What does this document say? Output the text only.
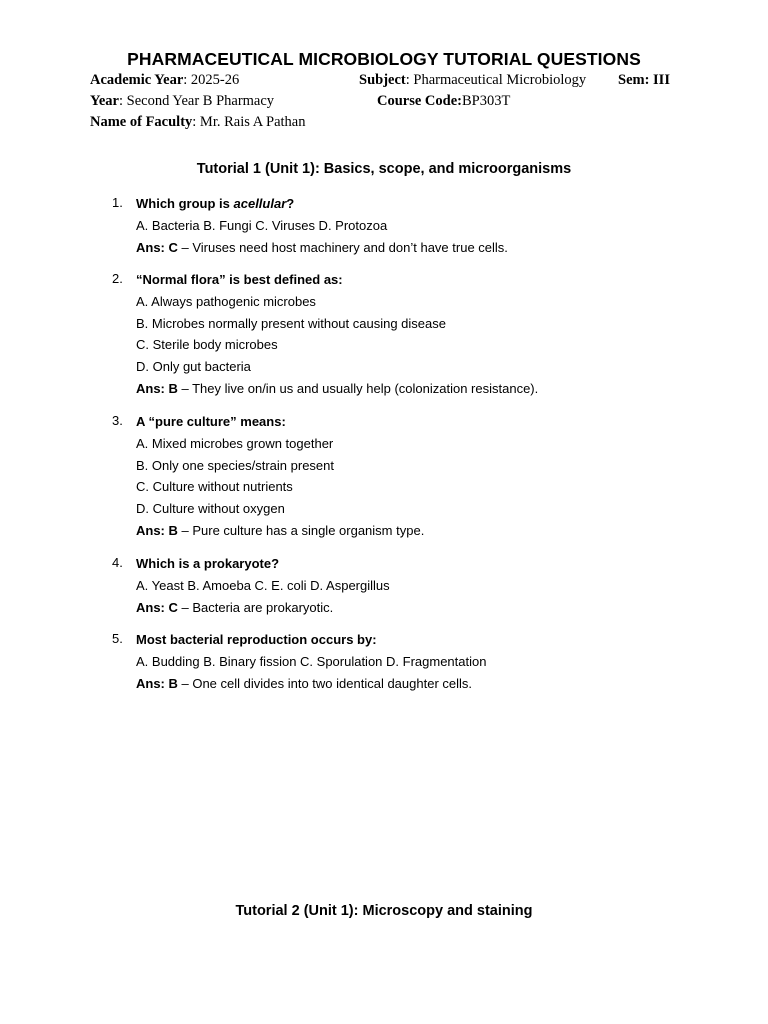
PHARMACEUTICAL MICROBIOLOGY TUTORIAL QUESTIONS
Academic Year: 2025-26	Subject: Pharmaceutical Microbiology Sem: III
Year: Second Year B Pharmacy	Course Code:BP303T
Name of Faculty: Mr. Rais A Pathan
Tutorial 1 (Unit 1): Basics, scope, and microorganisms
1. Which group is acellular?
A. Bacteria B. Fungi C. Viruses D. Protozoa
Ans: C – Viruses need host machinery and don’t have true cells.
2. “Normal flora” is best defined as:
A. Always pathogenic microbes
B. Microbes normally present without causing disease
C. Sterile body microbes
D. Only gut bacteria
Ans: B – They live on/in us and usually help (colonization resistance).
3. A “pure culture” means:
A. Mixed microbes grown together
B. Only one species/strain present
C. Culture without nutrients
D. Culture without oxygen
Ans: B – Pure culture has a single organism type.
4. Which is a prokaryote?
A. Yeast B. Amoeba C. E. coli D. Aspergillus
Ans: C – Bacteria are prokaryotic.
5. Most bacterial reproduction occurs by:
A. Budding B. Binary fission C. Sporulation D. Fragmentation
Ans: B – One cell divides into two identical daughter cells.
Tutorial 2 (Unit 1): Microscopy and staining
